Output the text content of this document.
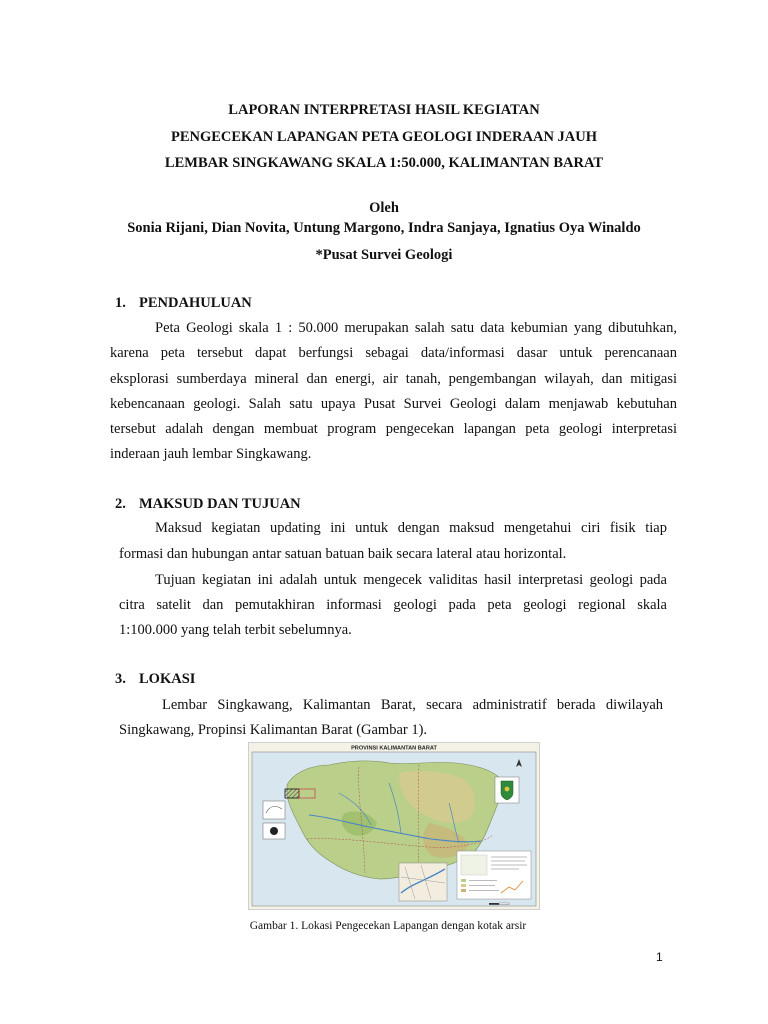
LAPORAN INTERPRETASI HASIL KEGIATAN
PENGECEKAN LAPANGAN PETA GEOLOGI INDERAAN JAUH
LEMBAR SINGKAWANG SKALA 1:50.000, KALIMANTAN BARAT
Oleh
Sonia Rijani, Dian Novita, Untung Margono, Indra Sanjaya, Ignatius Oya Winaldo
*Pusat Survei Geologi
1. PENDAHULUAN
Peta Geologi skala 1 : 50.000 merupakan salah satu data kebumian yang dibutuhkan,
karena peta tersebut dapat berfungsi sebagai data/informasi dasar untuk perencanaan
eksplorasi sumberdaya mineral dan energi, air tanah, pengembangan wilayah, dan mitigasi
kebencanaan geologi. Salah satu upaya Pusat Survei Geologi dalam menjawab kebutuhan
tersebut adalah dengan membuat program pengecekan lapangan peta geologi interpretasi
inderaan jauh lembar Singkawang.
2. MAKSUD DAN TUJUAN
Maksud kegiatan updating ini untuk dengan maksud mengetahui ciri fisik tiap
formasi dan hubungan antar satuan batuan baik secara lateral atau horizontal.
Tujuan kegiatan ini adalah untuk mengecek validitas hasil interpretasi geologi pada
citra satelit dan pemutakhiran informasi geologi pada peta geologi regional skala
1:100.000 yang telah terbit sebelumnya.
3. LOKASI
Lembar Singkawang, Kalimantan Barat, secara administratif berada diwilayah
Singkawang, Propinsi Kalimantan Barat (Gambar 1).
PROVINSI KALIMANTAN BARAT
Gambar 1. Lokasi Pengecekan Lapangan dengan kotak arsir
1
